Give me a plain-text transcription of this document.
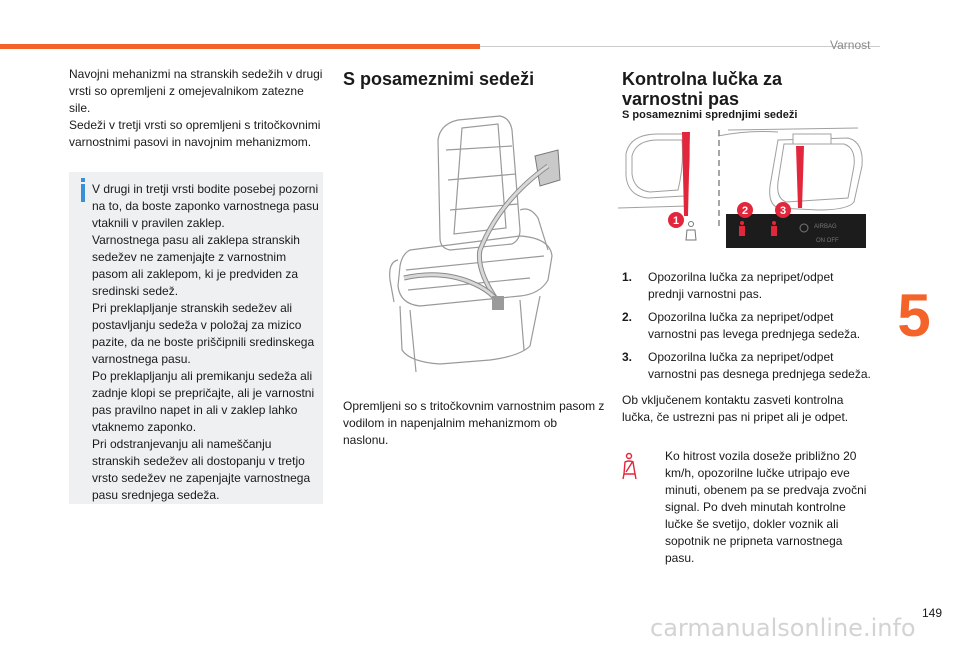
Varnost
5
149
Navojni mehanizmi na stranskih sedežih v drugi vrsti so opremljeni z omejevalnikom zatezne sile.
Sedeži v tretji vrsti so opremljeni s tritočkovnimi varnostnimi pasovi in navojnim mehanizmom.
V drugi in tretji vrsti bodite posebej pozorni na to, da boste zaponko varnostnega pasu vtaknili v pravilen zaklep.
Varnostnega pasu ali zaklepa stranskih sedežev ne zamenjajte z varnostnim pasom ali zaklepom, ki je predviden za sredinski sedež.
Pri preklapljanje stranskih sedežev ali postavljanju sedeža v položaj za mizico pazite, da ne boste priščipnili sredinskega varnostnega pasu.
Po preklapljanju ali premikanju sedeža ali zadnje klopi se prepričajte, ali je varnostni pas pravilno napet in ali v zaklep lahko vtaknemo zaponko.
Pri odstranjevanju ali nameščanju stranskih sedežev ali dostopanju v tretjo vrsto sedežev ne zapenjajte varnostnega pasu srednjega sedeža.
S posameznimi sedeži
Opremljeni so s tritočkovnim varnostnim pasom z vodilom in napenjalnim mehanizmom ob naslonu.
Kontrolna lučka za varnostni pas
S posameznimi sprednjimi sedeži
1
2	3
AIRBAG
ON OFF
1.	Opozorilna lučka za nepripet/odpet prednji varnostni pas.
2.	Opozorilna lučka za nepripet/odpet varnostni pas levega prednjega sedeža.
3.	Opozorilna lučka za nepripet/odpet varnostni pas desnega prednjega sedeža.
Ob vključenem kontaktu zasveti kontrolna lučka, če ustrezni pas ni pripet ali je odpet.
Ko hitrost vozila doseže približno 20 km/h, opozorilne lučke utripajo eve minuti, obenem pa se predvaja zvočni signal. Po dveh minutah kontrolne lučke še svetijo, dokler voznik ali sopotnik ne pripneta varnostnega pasu.
carmanualsonline.info
